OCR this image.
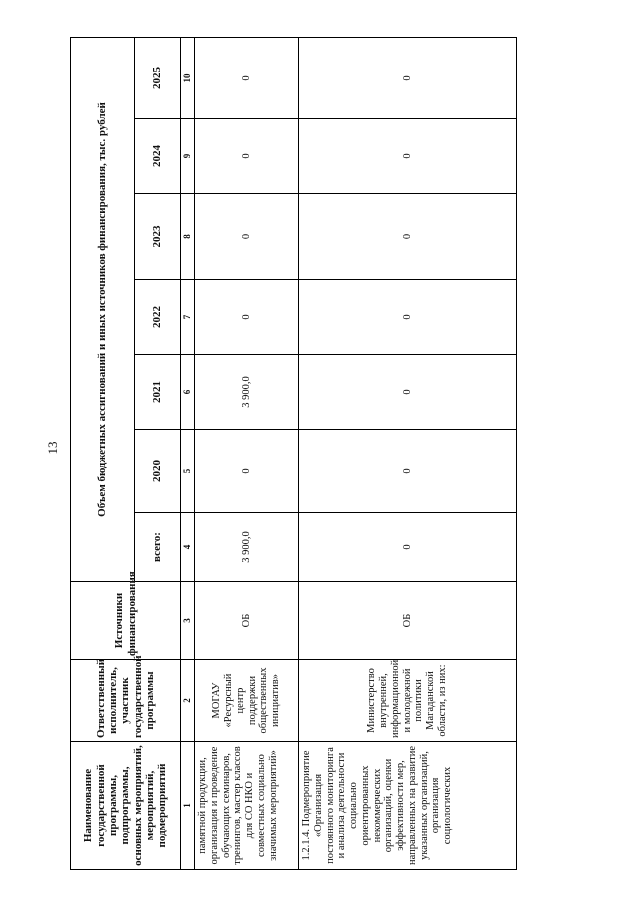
13
Наименование государственной программы, подпрограммы, основных мероприятий, мероприятий, подмероприятий	Ответственный исполнитель, участник государственной программы	Источники финансирования	Объем бюджетных ассигнований и иных источников финансирования, тыс. рублей						
			всего:	2020	2021	2022	2023	2024	2025
1	2	3	4	5	6	7	8	9	10
памятной продукции, организация и проведение обучающих семинаров, тренингов, мастер классов для СО НКО и совместных социально значимых мероприятий»	МОГАУ «Ресурсный центр поддержки общественных инициатив»	ОБ	3 900,0	0	3 900,0	0	0	0	0
1.2.1.4. Подмероприятие «Организация постоянного мониторинга и анализа деятельности социально ориентированных некоммерческих организаций, оценки эффективности мер, направленных на развитие указанных организаций, организация социологических	Министерство внутренней, информационной и молодежной политики Магаданской области, из них:	ОБ	0	0	0	0	0	0	0
